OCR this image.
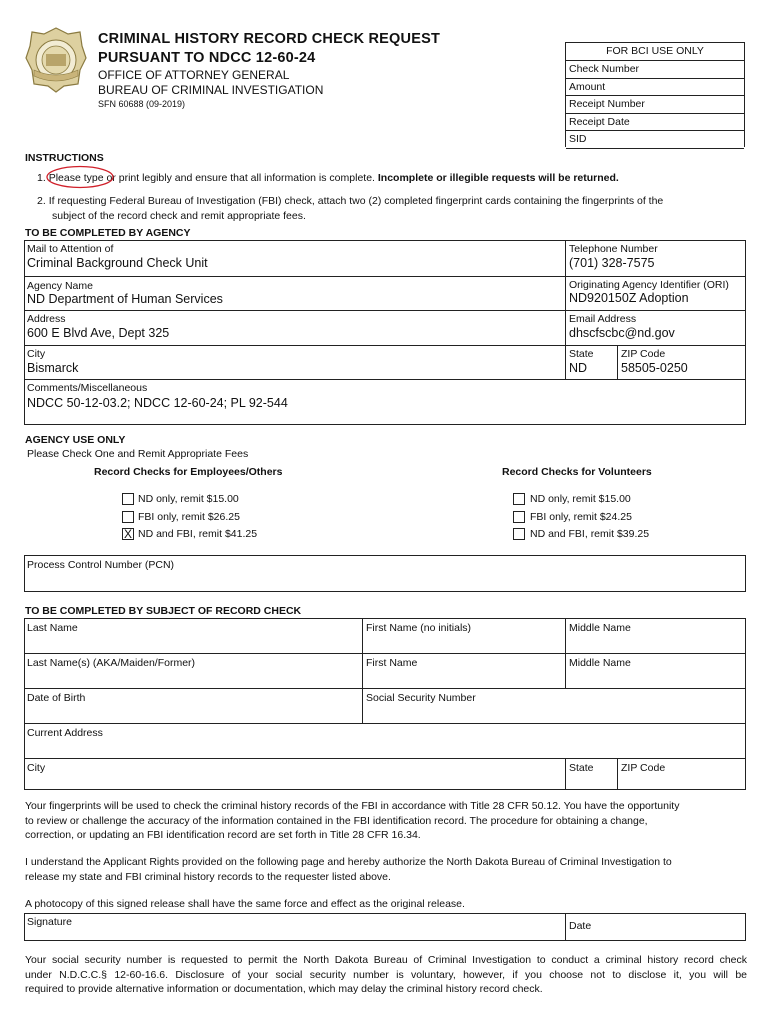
CRIMINAL HISTORY RECORD CHECK REQUEST
PURSUANT TO NDCC 12-60-24
OFFICE OF ATTORNEY GENERAL
BUREAU OF CRIMINAL INVESTIGATION
SFN 60688 (09-2019)
FOR BCI USE ONLY
Check Number
Amount
Receipt Number
Receipt Date
SID
INSTRUCTIONS
1. Please type or print legibly and ensure that all information is complete. Incomplete or illegible requests will be returned.
2. If requesting Federal Bureau of Investigation (FBI) check, attach two (2) completed fingerprint cards containing the fingerprints of the
subject of the record check and remit appropriate fees.
TO BE COMPLETED BY AGENCY
Mail to Attention of
Criminal Background Check Unit
Telephone Number
(701) 328-7575
Agency Name
ND Department of Human Services
Originating Agency Identifier (ORI)
ND920150Z Adoption
Address
600 E Blvd Ave, Dept 325
Email Address
dhscfscbc@nd.gov
City
Bismarck
State
ND
ZIP Code
58505-0250
Comments/Miscellaneous
NDCC 50-12-03.2; NDCC 12-60-24; PL 92-544
AGENCY USE ONLY
Please Check One and Remit Appropriate Fees
Record Checks for Employees/Others	Record Checks for Volunteers
ND only, remit $15.00
FBI only, remit $26.25
X ND and FBI, remit $41.25
ND only, remit $15.00
FBI only, remit $24.25
ND and FBI, remit $39.25
Process Control Number (PCN)
TO BE COMPLETED BY SUBJECT OF RECORD CHECK
Last Name	First Name (no initials)	Middle Name
Last Name(s) (AKA/Maiden/Former)	First Name	Middle Name
Date of Birth	Social Security Number
Current Address
City	State	ZIP Code
Your fingerprints will be used to check the criminal history records of the FBI in accordance with Title 28 CFR 50.12. You have the opportunity
to review or challenge the accuracy of the information contained in the FBI identification record. The procedure for obtaining a change,
correction, or updating an FBI identification record are set forth in Title 28 CFR 16.34.
I understand the Applicant Rights provided on the following page and hereby authorize the North Dakota Bureau of Criminal Investigation to
release my state and FBI criminal history records to the requester listed above.
A photocopy of this signed release shall have the same force and effect as the original release.
Signature	Date
Your social security number is requested to permit the North Dakota Bureau of Criminal Investigation to conduct a criminal history record check
under N.D.C.C.§ 12-60-16.6. Disclosure of your social security number is voluntary, however, if you choose not to disclose it, you will be
required to provide alternative information or documentation, which may delay the criminal history record check.
